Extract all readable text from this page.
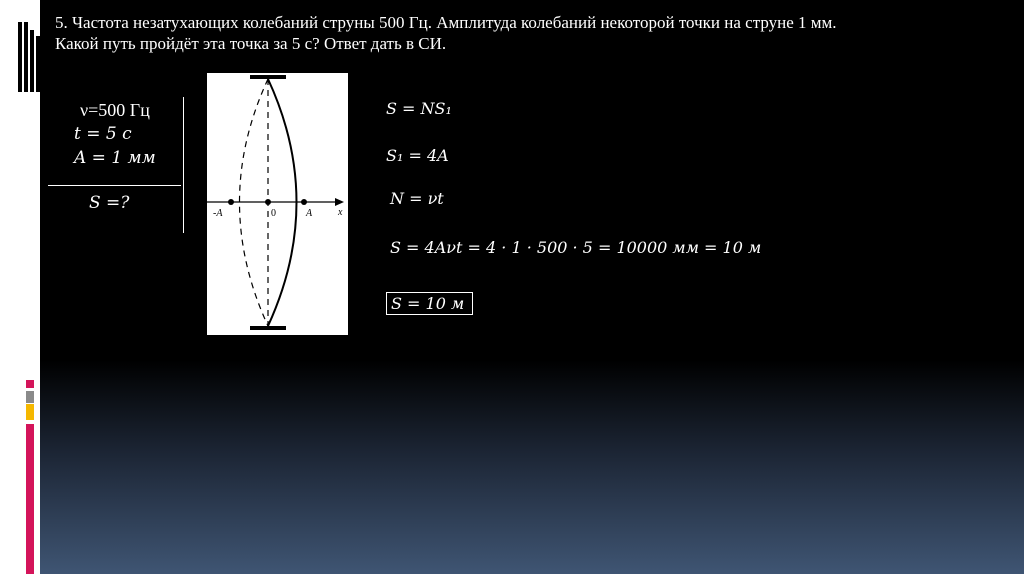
5. Частота незатухающих колебаний струны 500 Гц. Амплитуда колебаний некоторой точки на струне 1 мм.
Какой путь пройдёт эта точка за 5 с? Ответ дать в СИ.
ν=500 Гц
t = 5 с
A = 1 мм
S =?
-A	0	A	x
S = NS₁
S₁ = 4A
N = νt
S = 4Aνt = 4 · 1 · 500 · 5 = 10000 мм = 10 м
S = 10 м
